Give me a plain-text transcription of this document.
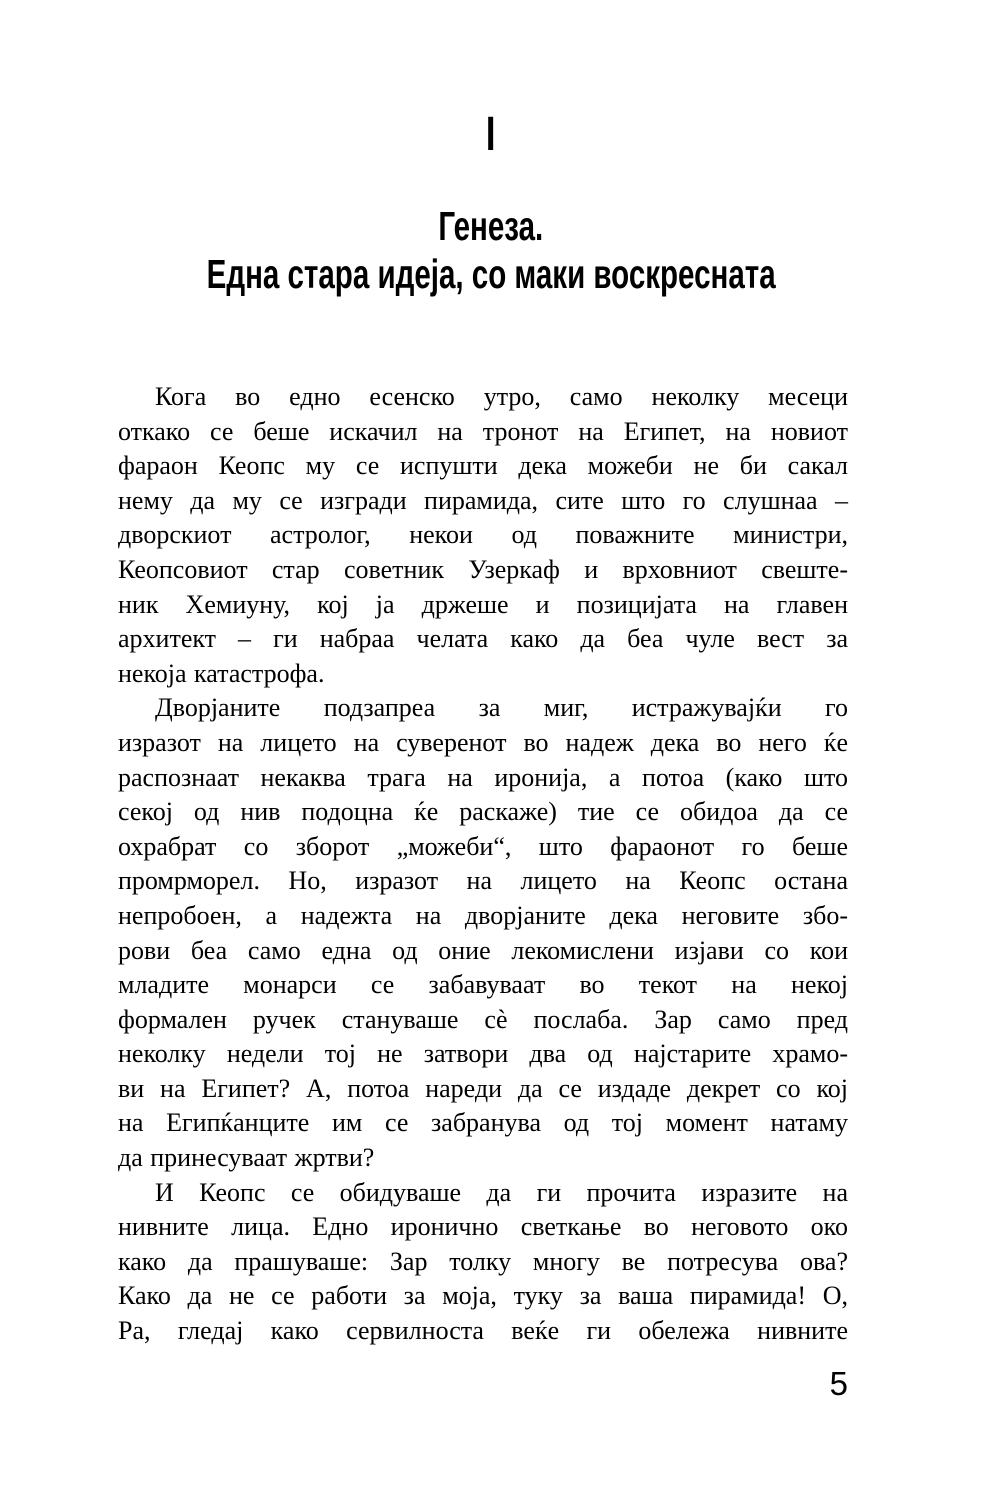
I
Генеза.
Една стара идеја, со маки воскресната
Кога во едно есенско утро, само неколку месеци
откако се беше искачил на тронот на Египет, на новиот
фараон Кеопс му се испушти дека можеби не би сакал
нему да му се изгради пирамида, сите што го слушнаа –
дворскиот астролог, некои од поважните министри,
Кеопсовиот стар советник Узеркаф и врховниот свеште-
ник Хемиуну, кој ја држеше и позицијата на главен
архитект – ги набраа челата како да беа чуле вест за
некоја катастрофа.
Дворјаните подзапреа за миг, истражувајќи го
изразот на лицето на суверенот во надеж дека во него ќе
распознаат некаква трага на иронија, а потоа (како што
секој од нив подоцна ќе раскаже) тие се обидоа да се
охрабрат со зборот „можеби“, што фараонот го беше
промрморел. Но, изразот на лицето на Кеопс остана
непробоен, а надежта на дворјаните дека неговите збо-
рови беа само една од оние лекомислени изјави со кои
младите монарси се забавуваат во текот на некој
формален ручек стануваше сѐ послаба. Зар само пред
неколку недели тој не затвори два од најстарите храмо-
ви на Египет? А, потоа нареди да се издаде декрет со кој
на Египќанците им се забранува од тој момент натаму
да принесуваат жртви?
И Кеопс се обидуваше да ги прочита изразите на
нивните лица. Едно иронично светкање во неговото око
како да прашуваше: Зар толку многу ве потресува ова?
Како да не се работи за моја, туку за ваша пирамида! О,
Ра, гледај како сервилноста веќе ги обележа нивните
5
